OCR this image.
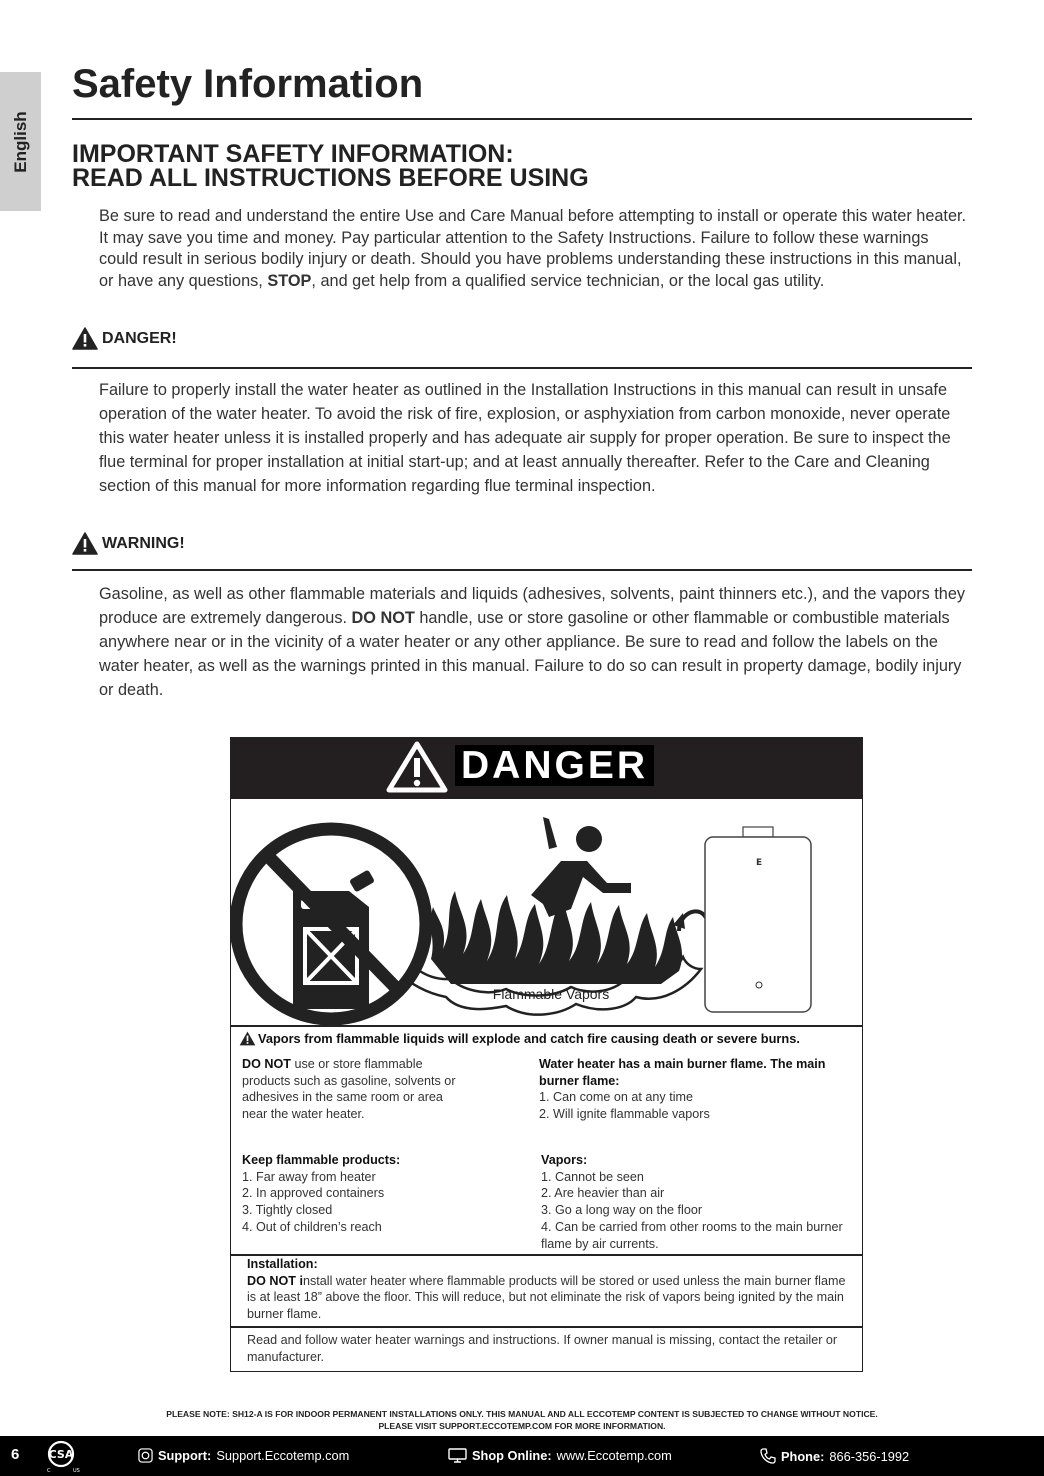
English
Safety Information
IMPORTANT SAFETY INFORMATION:
READ ALL INSTRUCTIONS BEFORE USING

Be sure to read and understand the entire Use and Care Manual before attempting to install or operate this water heater. It may save you time and money. Pay particular attention to the Safety Instructions. Failure to follow these warnings could result in serious bodily injury or death. Should you have problems understanding these instructions in this manual, or have any questions, STOP, and get help from a qualified service technician, or the local gas utility.

DANGER!

Failure to properly install the water heater as outlined in the Installation Instructions in this manual can result in unsafe operation of the water heater. To avoid the risk of fire, explosion, or asphyxiation from carbon monoxide, never operate this water heater unless it is installed properly and has adequate air supply for proper operation. Be sure to inspect the flue terminal for proper installation at initial start-up; and at least annually thereafter. Refer to the Care and Cleaning section of this manual for more information regarding flue terminal inspection.

WARNING!

Gasoline, as well as other flammable materials and liquids (adhesives, solvents, paint thinners etc.), and the vapors they produce are extremely dangerous. DO NOT handle, use or store gasoline or other flammable or combustible materials anywhere near or in the vicinity of a water heater or any other appliance. Be sure to read and follow the labels on the water heater, as well as the warnings printed in this manual. Failure to do so can result in property damage, bodily injury or death.

DANGER
E
Flammable Vapors
Vapors from flammable liquids will explode and catch fire causing death or severe burns.

DO NOT use or store flammable products such as gasoline, solvents or adhesives in the same room or area near the water heater.

Water heater has a main burner flame. The main burner flame:
1. Can come on at any time
2. Will ignite flammable vapors
Keep flammable products:
1. Far away from heater
2. In approved containers
3. Tightly closed
4. Out of children’s reach
Vapors:
1. Cannot be seen
2. Are heavier than air
3. Go a long way on the floor
4. Can be carried from other rooms to the main burner flame by air currents.
Installation:
DO NOT install water heater where flammable products will be stored or used unless the main burner flame is at least 18” above the floor. This will reduce, but not eliminate the risk of vapors being ignited by the main burner flame.

Read and follow water heater warnings and instructions. If owner manual is missing, contact the retailer or manufacturer.

PLEASE NOTE: SH12-A IS FOR INDOOR PERMANENT INSTALLATIONS ONLY. THIS MANUAL AND ALL ECCOTEMP CONTENT IS SUBJECTED TO CHANGE WITHOUT NOTICE.
PLEASE VISIT SUPPORT.ECCOTEMP.COM FOR MORE INFORMATION.
6	CSA
C	US
Support: Support.Eccotemp.com	Shop Online: www.Eccotemp.com	Phone: 866-356-1992
